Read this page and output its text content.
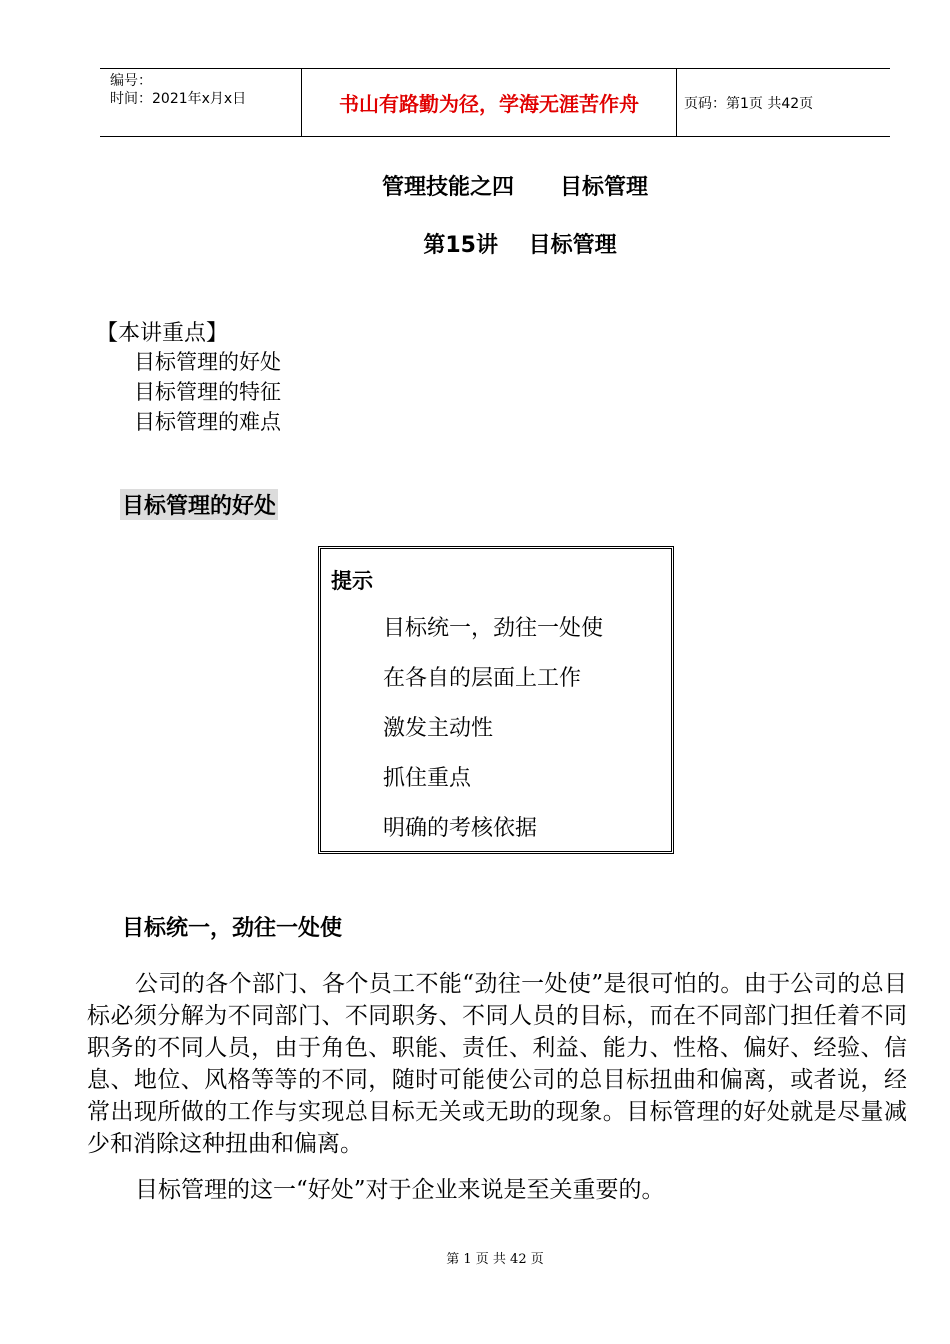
编号：
时间：2021年x月x日	书山有路勤为径，学海无涯苦作舟	页码：第1页 共42页
管理技能之四      目标管理
第15讲    目标管理
【本讲重点】
目标管理的好处
目标管理的特征
目标管理的难点
目标管理的好处
提示
目标统一，劲往一处使
在各自的层面上工作
激发主动性
抓住重点
明确的考核依据
目标统一，劲往一处使
公司的各个部门、各个员工不能“劲往一处使”是很可怕的。由于公司的总目标必须分解为不同部门、不同职务、不同人员的目标，而在不同部门担任着不同职务的不同人员，由于角色、职能、责任、利益、能力、性格、偏好、经验、信息、地位、风格等等的不同，随时可能使公司的总目标扭曲和偏离，或者说，经常出现所做的工作与实现总目标无关或无助的现象。目标管理的好处就是尽量减少和消除这种扭曲和偏离。
目标管理的这一“好处”对于企业来说是至关重要的。
第 1 页 共 42 页
